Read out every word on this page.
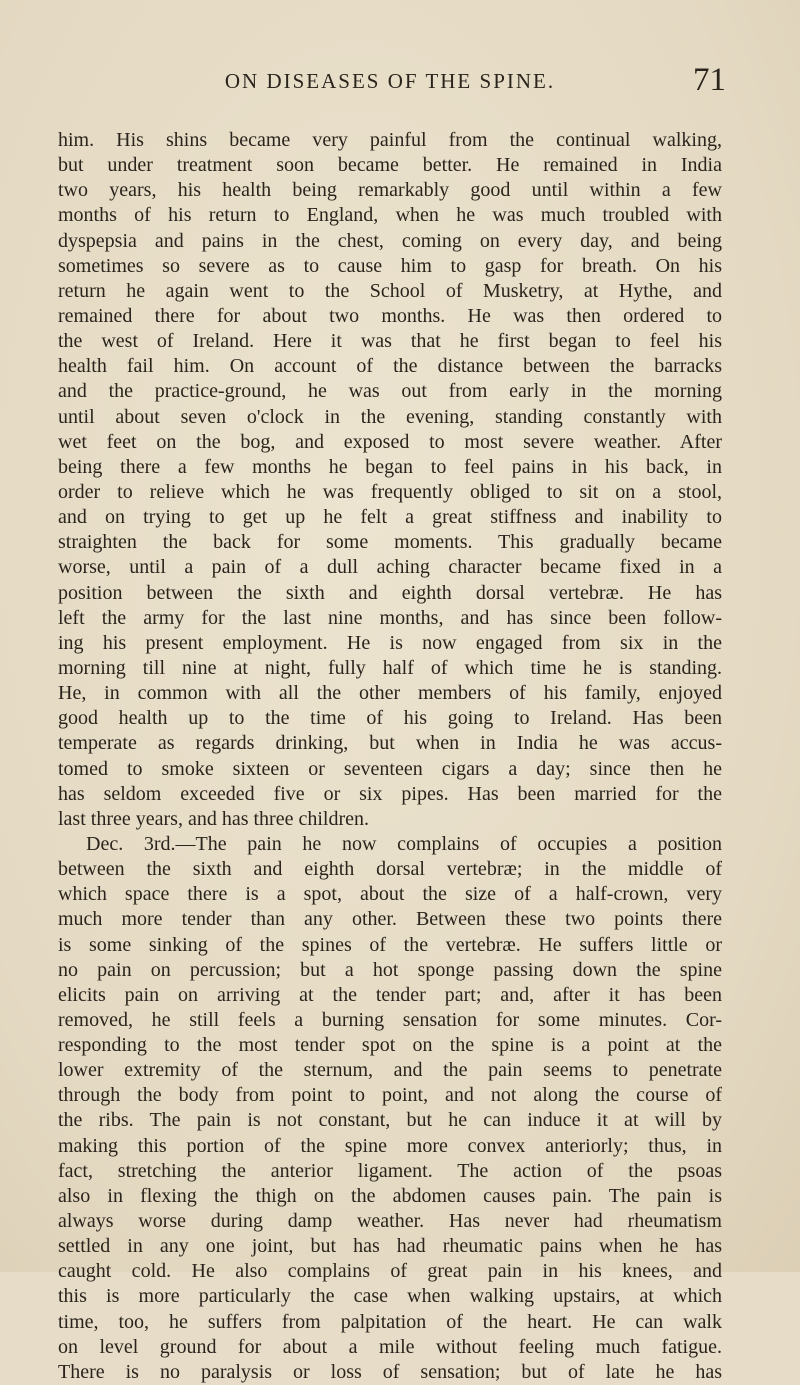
ON DISEASES OF THE SPINE.	71
him. His shins became very painful from the continual walking,
but under treatment soon became better. He remained in India
two years, his health being remarkably good until within a few
months of his return to England, when he was much troubled with
dyspepsia and pains in the chest, coming on every day, and being
sometimes so severe as to cause him to gasp for breath. On his
return he again went to the School of Musketry, at Hythe, and
remained there for about two months. He was then ordered to
the west of Ireland. Here it was that he first began to feel his
health fail him. On account of the distance between the barracks
and the practice-ground, he was out from early in the morning
until about seven o'clock in the evening, standing constantly with
wet feet on the bog, and exposed to most severe weather. After
being there a few months he began to feel pains in his back, in
order to relieve which he was frequently obliged to sit on a stool,
and on trying to get up he felt a great stiffness and inability to
straighten the back for some moments. This gradually became
worse, until a pain of a dull aching character became fixed in a
position between the sixth and eighth dorsal vertebræ. He has
left the army for the last nine months, and has since been follow-
ing his present employment. He is now engaged from six in the
morning till nine at night, fully half of which time he is standing.
He, in common with all the other members of his family, enjoyed
good health up to the time of his going to Ireland. Has been
temperate as regards drinking, but when in India he was accus-
tomed to smoke sixteen or seventeen cigars a day; since then he
has seldom exceeded five or six pipes. Has been married for the
last three years, and has three children.
Dec. 3rd.—The pain he now complains of occupies a position
between the sixth and eighth dorsal vertebræ; in the middle of
which space there is a spot, about the size of a half-crown, very
much more tender than any other. Between these two points there
is some sinking of the spines of the vertebræ. He suffers little or
no pain on percussion; but a hot sponge passing down the spine
elicits pain on arriving at the tender part; and, after it has been
removed, he still feels a burning sensation for some minutes. Cor-
responding to the most tender spot on the spine is a point at the
lower extremity of the sternum, and the pain seems to penetrate
through the body from point to point, and not along the course of
the ribs. The pain is not constant, but he can induce it at will by
making this portion of the spine more convex anteriorly; thus, in
fact, stretching the anterior ligament. The action of the psoas
also in flexing the thigh on the abdomen causes pain. The pain is
always worse during damp weather. Has never had rheumatism
settled in any one joint, but has had rheumatic pains when he has
caught cold. He also complains of great pain in his knees, and
this is more particularly the case when walking upstairs, at which
time, too, he suffers from palpitation of the heart. He can walk
on level ground for about a mile without feeling much fatigue.
There is no paralysis or loss of sensation; but of late he has
